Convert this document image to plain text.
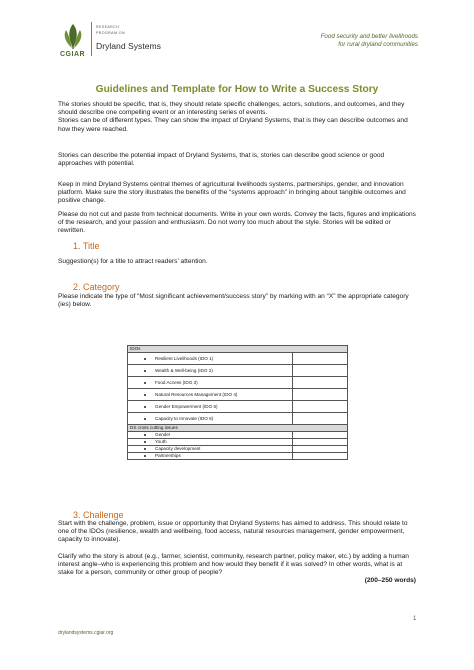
CGIAR
RESEARCH
PROGRAM ON
Dryland Systems
Food security and better livelihoods
for rural dryland communities
Guidelines and Template for How to Write a Success Story

The stories should be specific, that is, they should relate specific challenges, actors, solutions, and outcomes, and they should describe one compelling event or an interesting series of events.

Stories can be of different types. They can show the impact of Dryland Systems, that is they can describe outcomes and how they were reached.

Stories can describe the potential impact of Dryland Systems, that is, stories can describe good science or good approaches with potential.
Keep in mind Dryland Systems central themes of agricultural livelihoods systems, partnerships, gender, and innovation platform. Make sure the story illustrates the benefits of the “systems approach” in bringing about tangible outcomes and positive change.
Please do not cut and paste from technical documents. Write in your own words. Convey the facts, figures and implications of the research, and your passion and enthusiasm. Do not worry too much about the style. Stories will be edited or rewritten.
1. Title
Suggestion(s) for a title to attract readers’ attention.
2. Category
Please indicate the type of “Most significant achievement/success story” by marking with an “X” the appropriate category (ies) below.
IDOs	

Resilient Livelihoods (IDO 1)	

Wealth & Well-being (IDO 2)	

Food Access (IDO 3)	

Natural Resources Management (IDO 4)	

Gender Empowerment (IDO 5)	

Capacity to Innovate (IDO 6)	

DS cross cutting issues	

Gender	

Youth	

Capacity development	

Partnerships	

3. Challenge
Start with the challenge, problem, issue or opportunity that Dryland Systems has aimed to address. This should relate to one of the IDOs (resilience, wealth and wellbeing, food access, natural resources management, gender empowerment, capacity to innovate).
Clarify who the story is about (e.g., farmer, scientist, community, research partner, policy maker, etc.) by adding a human interest angle–who is experiencing this problem and how would they benefit if it was solved? In other words, what is at stake for a person, community or other group of people?
(200–250 words)
1
drylandsystems.cgiar.org
